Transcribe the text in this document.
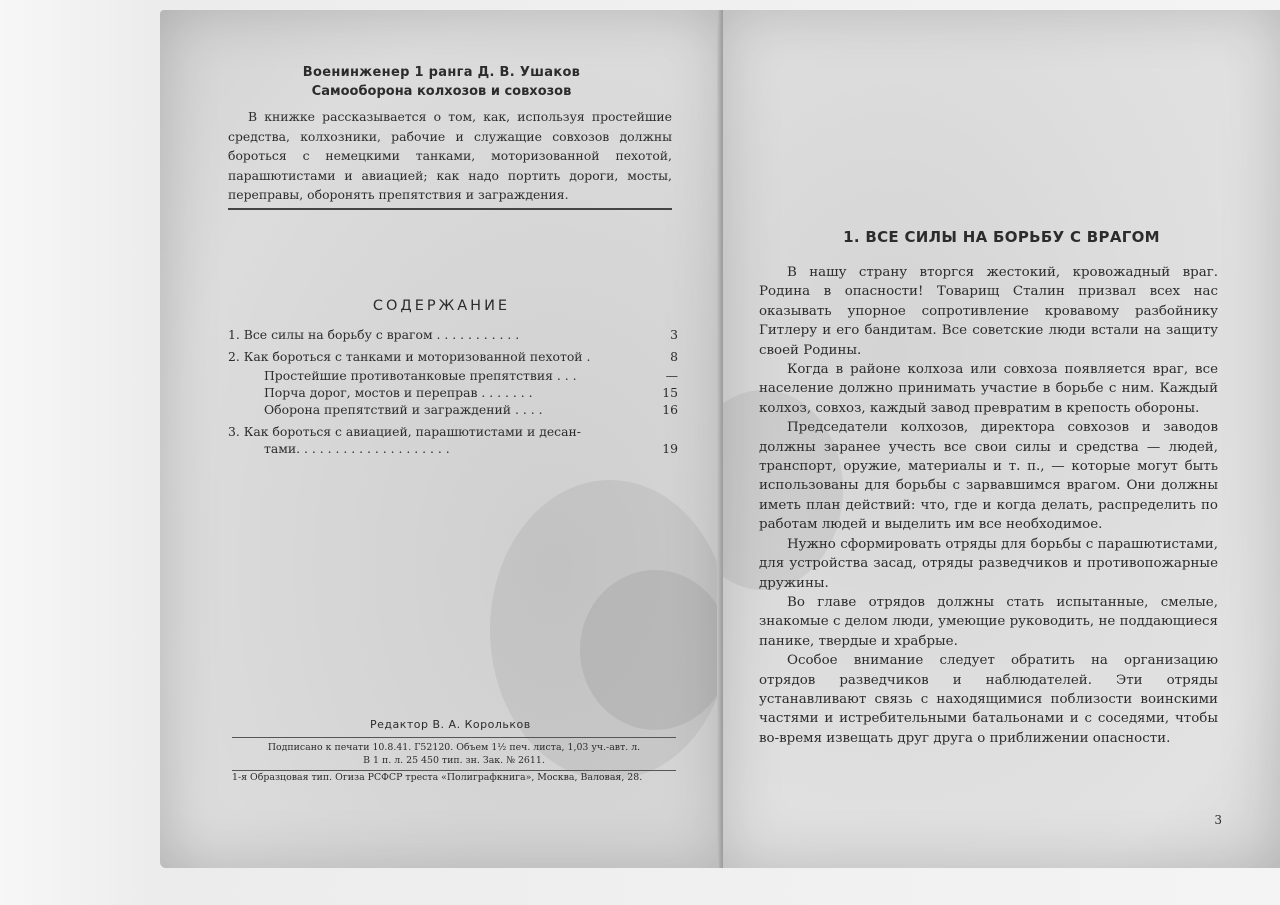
Военинженер 1 ранга Д. В. Ушаков
Самооборона колхозов и совхозов
В книжке рассказывается о том, как, используя простейшие средства, колхозники, рабочие и служащие совхозов должны бороться с немецкими танками, моторизованной пехотой, парашютистами и авиацией; как надо портить дороги, мосты, переправы, оборонять препятствия и заграждения.
СОДЕРЖАНИЕ
1. Все силы на борьбу с врагом . . . . . . . . . . .	3
2. Как бороться с танками и моторизованной пехотой .	8
Простейшие противотанковые препятствия . . .	—
Порча дорог, мостов и переправ . . . . . . .	15
Оборона препятствий и заграждений . . . .	16
3. Как бороться с авиацией, парашютистами и десан-
тами. . . . . . . . . . . . . . . . . . . .	19
Редактор В. А. Корольков
Подписано к печати 10.8.41. Г52120. Объем 1½ печ. листа, 1,03 уч.-авт. л.
В 1 п. л. 25 450 тип. зн. Зак. № 2611.
1-я Образцовая тип. Огиза РСФСР треста «Полиграфкнига», Москва, Валовая, 28.
1. ВСЕ СИЛЫ НА БОРЬБУ С ВРАГОМ

В нашу страну вторгся жестокий, кровожадный враг. Родина в опасности! Товарищ Сталин призвал всех нас оказывать упорное сопротивление кровавому разбойнику Гитлеру и его бандитам. Все советские люди встали на защиту своей Родины.

Когда в районе колхоза или совхоза появляется враг, все население должно принимать участие в борьбе с ним. Каждый колхоз, совхоз, каждый завод превратим в крепость обороны.

Председатели колхозов, директора совхозов и заводов должны заранее учесть все свои силы и средства — людей, транспорт, оружие, материалы и т. п., — которые могут быть использованы для борьбы с зарвавшимся врагом. Они должны иметь план действий: что, где и когда делать, распределить по работам людей и выделить им все необходимое.

Нужно сформировать отряды для борьбы с парашютистами, для устройства засад, отряды разведчиков и противопожарные дружины.

Во главе отрядов должны стать испытанные, смелые, знакомые с делом люди, умеющие руководить, не поддающиеся панике, твердые и храбрые.

Особое внимание следует обратить на организацию отрядов разведчиков и наблюдателей. Эти отряды устанавливают связь с находящимися поблизости воинскими частями и истребительными батальонами и с соседями, чтобы во-время извещать друг друга о приближении опасности.

3
